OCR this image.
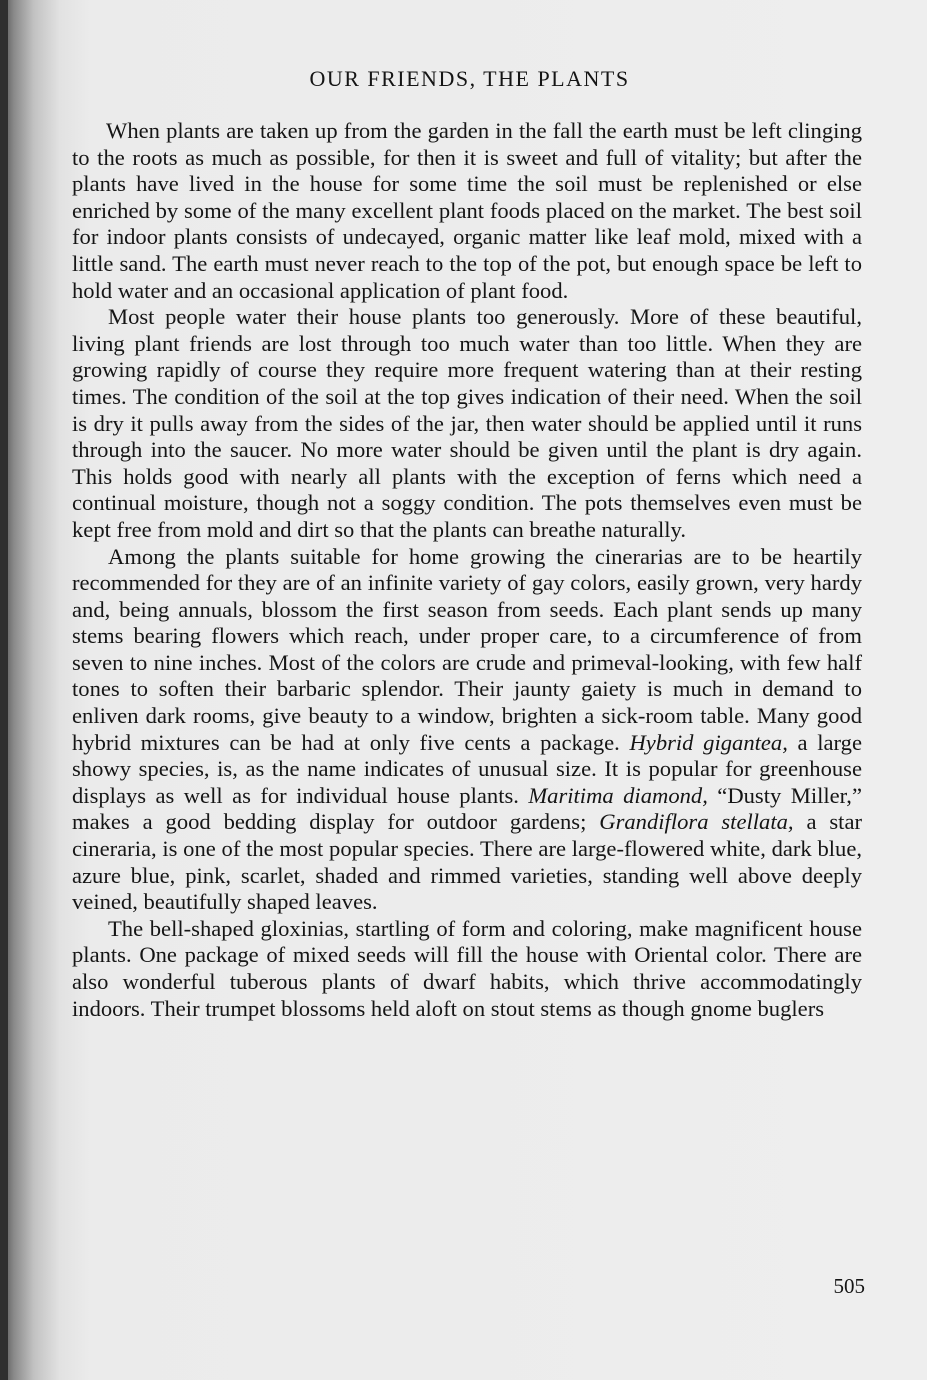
OUR FRIENDS, THE PLANTS

When plants are taken up from the garden in the fall the earth must be left clinging to the roots as much as possible, for then it is sweet and full of vitality; but after the plants have lived in the house for some time the soil must be replenished or else enriched by some of the many excellent plant foods placed on the market. The best soil for indoor plants consists of undecayed, organic matter like leaf mold, mixed with a little sand. The earth must never reach to the top of the pot, but enough space be left to hold water and an occasional application of plant food.

Most people water their house plants too generously. More of these beautiful, living plant friends are lost through too much water than too little. When they are growing rapidly of course they require more frequent watering than at their resting times. The condition of the soil at the top gives indication of their need. When the soil is dry it pulls away from the sides of the jar, then water should be applied until it runs through into the saucer. No more water should be given until the plant is dry again. This holds good with nearly all plants with the exception of ferns which need a continual moisture, though not a soggy condition. The pots themselves even must be kept free from mold and dirt so that the plants can breathe naturally.

Among the plants suitable for home growing the cinerarias are to be heartily recommended for they are of an infinite variety of gay colors, easily grown, very hardy and, being annuals, blossom the first season from seeds. Each plant sends up many stems bearing flowers which reach, under proper care, to a circumference of from seven to nine inches. Most of the colors are crude and primeval-looking, with few half tones to soften their barbaric splendor. Their jaunty gaiety is much in demand to enliven dark rooms, give beauty to a window, brighten a sick-room table. Many good hybrid mixtures can be had at only five cents a package. Hybrid gigantea, a large showy species, is, as the name indicates of unusual size. It is popular for greenhouse displays as well as for individual house plants. Maritima diamond, “Dusty Miller,” makes a good bedding display for outdoor gardens; Grandiflora stellata, a star cineraria, is one of the most popular species. There are large-flowered white, dark blue, azure blue, pink, scarlet, shaded and rimmed varieties, standing well above deeply veined, beautifully shaped leaves.

The bell-shaped gloxinias, startling of form and coloring, make magnificent house plants. One package of mixed seeds will fill the house with Oriental color. There are also wonderful tuberous plants of dwarf habits, which thrive accommodatingly indoors. Their trumpet blossoms held aloft on stout stems as though gnome buglers

505
